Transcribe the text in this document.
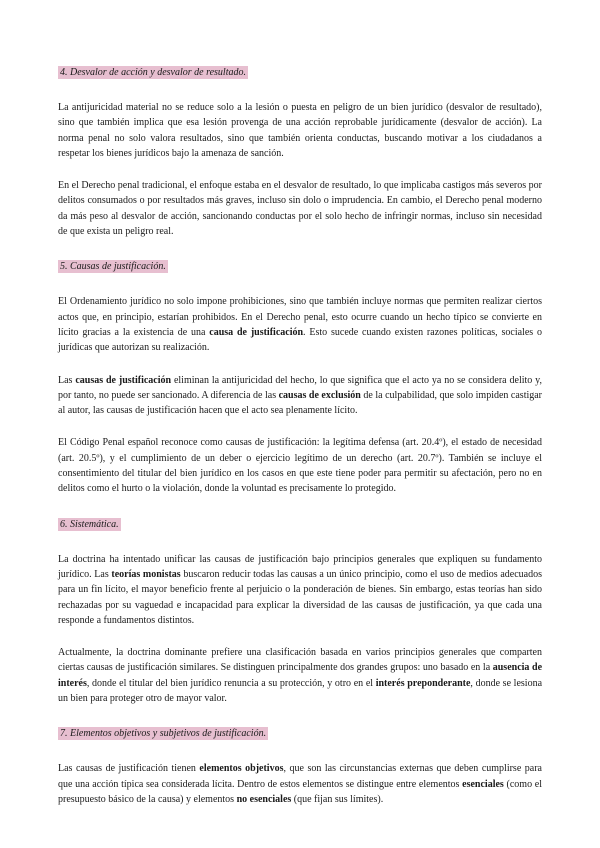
4. Desvalor de acción y desvalor de resultado.

La antijuricidad material no se reduce solo a la lesión o puesta en peligro de un bien jurídico (desvalor de resultado), sino que también implica que esa lesión provenga de una acción reprobable jurídicamente (desvalor de acción). La norma penal no solo valora resultados, sino que también orienta conductas, buscando motivar a los ciudadanos a respetar los bienes jurídicos bajo la amenaza de sanción.

En el Derecho penal tradicional, el enfoque estaba en el desvalor de resultado, lo que implicaba castigos más severos por delitos consumados o por resultados más graves, incluso sin dolo o imprudencia. En cambio, el Derecho penal moderno da más peso al desvalor de acción, sancionando conductas por el solo hecho de infringir normas, incluso sin necesidad de que exista un peligro real.

5. Causas de justificación.

El Ordenamiento jurídico no solo impone prohibiciones, sino que también incluye normas que permiten realizar ciertos actos que, en principio, estarían prohibidos. En el Derecho penal, esto ocurre cuando un hecho típico se convierte en lícito gracias a la existencia de una causa de justificación. Esto sucede cuando existen razones políticas, sociales o jurídicas que autorizan su realización.

Las causas de justificación eliminan la antijuricidad del hecho, lo que significa que el acto ya no se considera delito y, por tanto, no puede ser sancionado. A diferencia de las causas de exclusión de la culpabilidad, que solo impiden castigar al autor, las causas de justificación hacen que el acto sea plenamente lícito.

El Código Penal español reconoce como causas de justificación: la legítima defensa (art. 20.4º), el estado de necesidad (art. 20.5º), y el cumplimiento de un deber o ejercicio legítimo de un derecho (art. 20.7º). También se incluye el consentimiento del titular del bien jurídico en los casos en que este tiene poder para permitir su afectación, pero no en delitos como el hurto o la violación, donde la voluntad es precisamente lo protegido.

6. Sistemática.

La doctrina ha intentado unificar las causas de justificación bajo principios generales que expliquen su fundamento jurídico. Las teorías monistas buscaron reducir todas las causas a un único principio, como el uso de medios adecuados para un fin lícito, el mayor beneficio frente al perjuicio o la ponderación de bienes. Sin embargo, estas teorías han sido rechazadas por su vaguedad e incapacidad para explicar la diversidad de las causas de justificación, ya que cada una responde a fundamentos distintos.

Actualmente, la doctrina dominante prefiere una clasificación basada en varios principios generales que comparten ciertas causas de justificación similares. Se distinguen principalmente dos grandes grupos: uno basado en la ausencia de interés, donde el titular del bien jurídico renuncia a su protección, y otro en el interés preponderante, donde se lesiona un bien para proteger otro de mayor valor.

7. Elementos objetivos y subjetivos de justificación.

Las causas de justificación tienen elementos objetivos, que son las circunstancias externas que deben cumplirse para que una acción típica sea considerada lícita. Dentro de estos elementos se distingue entre elementos esenciales (como el presupuesto básico de la causa) y elementos no esenciales (que fijan sus límites).
